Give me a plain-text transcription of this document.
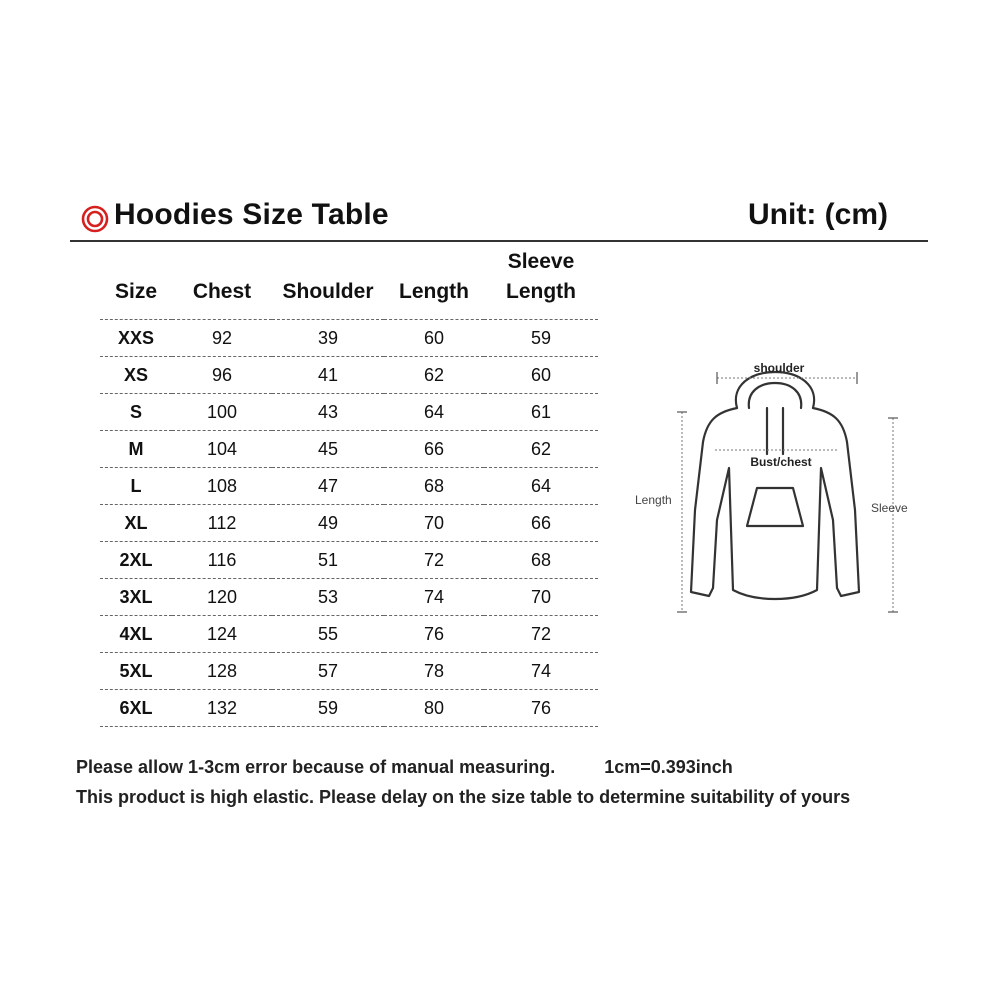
Hoodies Size Table	Unit: (cm)
Size	Chest	Shoulder	Length	Sleeve
Length
XXS	92	39	60	59
XS	96	41	62	60
S	100	43	64	61
M	104	45	66	62
L	108	47	68	64
XL	112	49	70	66
2XL	116	51	72	68
3XL	120	53	74	70
4XL	124	55	76	72
5XL	128	57	78	74
6XL	132	59	80	76
shoulder
Bust/chest
Length
Sleeve
Please allow 1-3cm error because of manual measuring.	1cm=0.393inch
This product is high elastic. Please delay on the size table to determine suitability of yours
